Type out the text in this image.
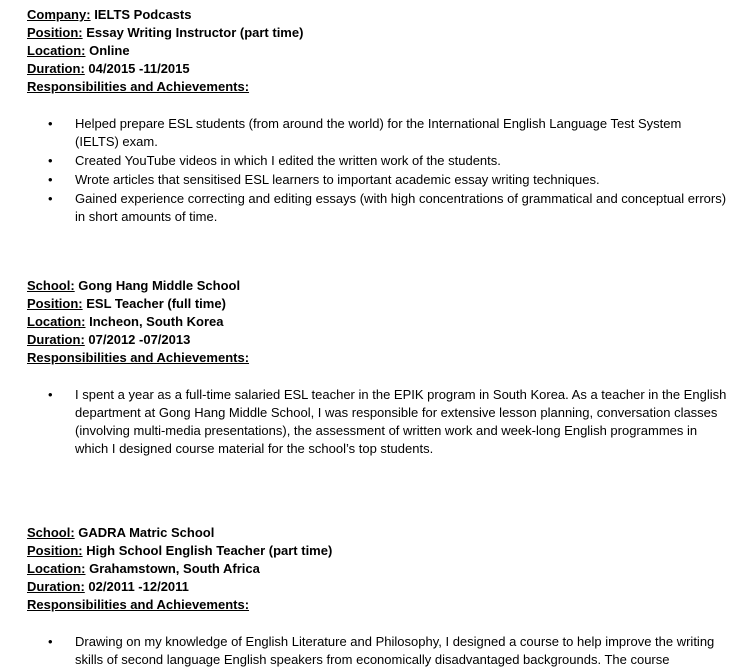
Company: IELTS Podcasts
Position: Essay Writing Instructor (part time)
Location: Online
Duration: 04/2015 -11/2015
Responsibilities and Achievements:
• Helped prepare ESL students (from around the world) for the International English Language Test System (IELTS) exam.
• Created YouTube videos in which I edited the written work of the students.
• Wrote articles that sensitised ESL learners to important academic essay writing techniques.
• Gained experience correcting and editing essays (with high concentrations of grammatical and conceptual errors) in short amounts of time.
School: Gong Hang Middle School
Position: ESL Teacher (full time)
Location: Incheon, South Korea
Duration: 07/2012 -07/2013
Responsibilities and Achievements:
• I spent a year as a full-time salaried ESL teacher in the EPIK program in South Korea. As a teacher in the English department at Gong Hang Middle School, I was responsible for extensive lesson planning, conversation classes (involving multi-media presentations), the assessment of written work and week-long English programmes in which I designed course material for the school’s top students.
School: GADRA Matric School
Position: High School English Teacher (part time)
Location: Grahamstown, South Africa
Duration: 02/2011 -12/2011
Responsibilities and Achievements:
• Drawing on my knowledge of English Literature and Philosophy, I designed a course to help improve the writing skills of second language English speakers from economically disadvantaged backgrounds. The course
